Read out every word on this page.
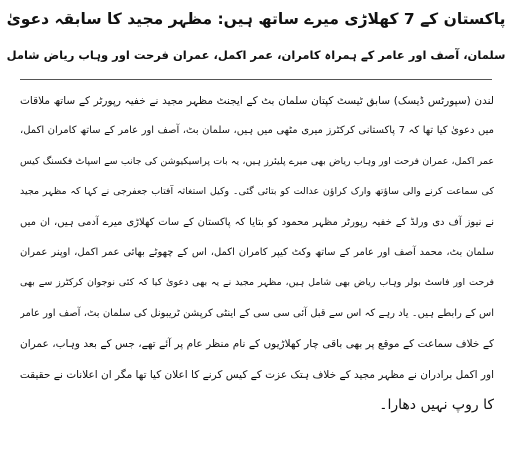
پاکستان کے 7 کھلاڑی میرے ساتھ ہیں: مظہر مجید کا سابقہ دعویٰ
سلمان، آصف اور عامر کے ہمراہ کامران، عمر اکمل، عمران فرحت اور وہاب ریاض شامل
لندن (سپورٹس ڈیسک) سابق ٹیسٹ کپتان سلمان بٹ کے ایجنٹ مظہر مجید نے خفیہ رپورٹر کے ساتھ ملاقات
میں دعویٰ کیا تھا کہ 7 پاکستانی کرکٹرز میری مٹھی میں ہیں، سلمان بٹ، آصف اور عامر کے ساتھ کامران اکمل،
عمر اکمل، عمران فرحت اور وہاب ریاض بھی میرے پلیئرز ہیں، یہ بات پراسیکیوشن کی جانب سے اسپاٹ فکسنگ کیس
کی سماعت کرنے والی ساؤتھ وارک کراؤن عدالت کو بتائی گئی۔ وکیل استغاثہ آفتاب جعفرجی نے کہا کہ مظہر مجید
نے نیوز آف دی ورلڈ کے خفیہ رپورٹر مظہر محمود کو بتایا کہ پاکستان کے سات کھلاڑی میرے آدمی ہیں، ان میں
سلمان بٹ، محمد آصف اور عامر کے ساتھ وکٹ کیپر کامران اکمل، اس کے چھوٹے بھائی عمر اکمل، اوپنر عمران
فرحت اور فاسٹ بولر وہاب ریاض بھی شامل ہیں، مظہر مجید نے یہ بھی دعویٰ کیا کہ کئی نوجوان کرکٹرز سے بھی
اس کے رابطے ہیں۔ یاد رہے کہ اس سے قبل آئی سی سی کے اینٹی کرپشن ٹریبونل کی سلمان بٹ، آصف اور عامر
کے خلاف سماعت کے موقع پر بھی باقی چار کھلاڑیوں کے نام منظر عام پر آئے تھے، جس کے بعد وہاب، عمران
اور اکمل برادران نے مظہر مجید کے خلاف ہتک عزت کے کیس کرنے کا اعلان کیا تھا مگر ان اعلانات نے حقیقت
کا روپ نہیں دھارا۔
